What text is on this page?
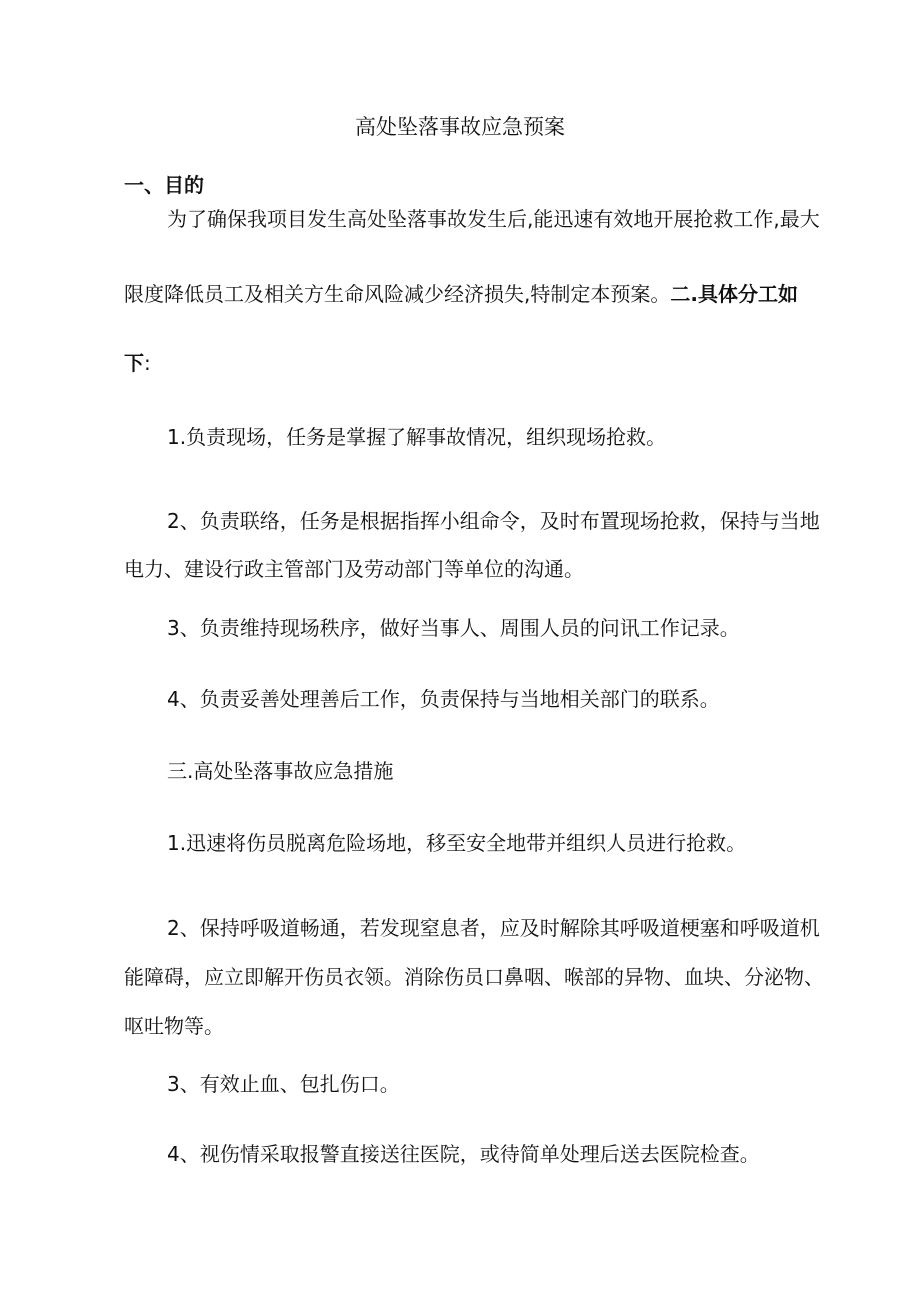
高处坠落事故应急预案

一、目的

为了确保我项目发生高处坠落事故发生后,能迅速有效地开展抢救工作,最大

限度降低员工及相关方生命风险减少经济损失,特制定本预案。二.具体分工如

下:

1.负责现场，任务是掌握了解事故情况，组织现场抢救。

2、负责联络，任务是根据指挥小组命令，及时布置现场抢救，保持与当地

电力、建设行政主管部门及劳动部门等单位的沟通。

3、负责维持现场秩序，做好当事人、周围人员的问讯工作记录。

4、负责妥善处理善后工作，负责保持与当地相关部门的联系。

三.高处坠落事故应急措施

1.迅速将伤员脱离危险场地，移至安全地带并组织人员进行抢救。

2、保持呼吸道畅通，若发现窒息者，应及时解除其呼吸道梗塞和呼吸道机

能障碍，应立即解开伤员衣领。消除伤员口鼻咽、喉部的异物、血块、分泌物、

呕吐物等。

3、有效止血、包扎伤口。

4、视伤情采取报警直接送往医院，或待简单处理后送去医院检查。
